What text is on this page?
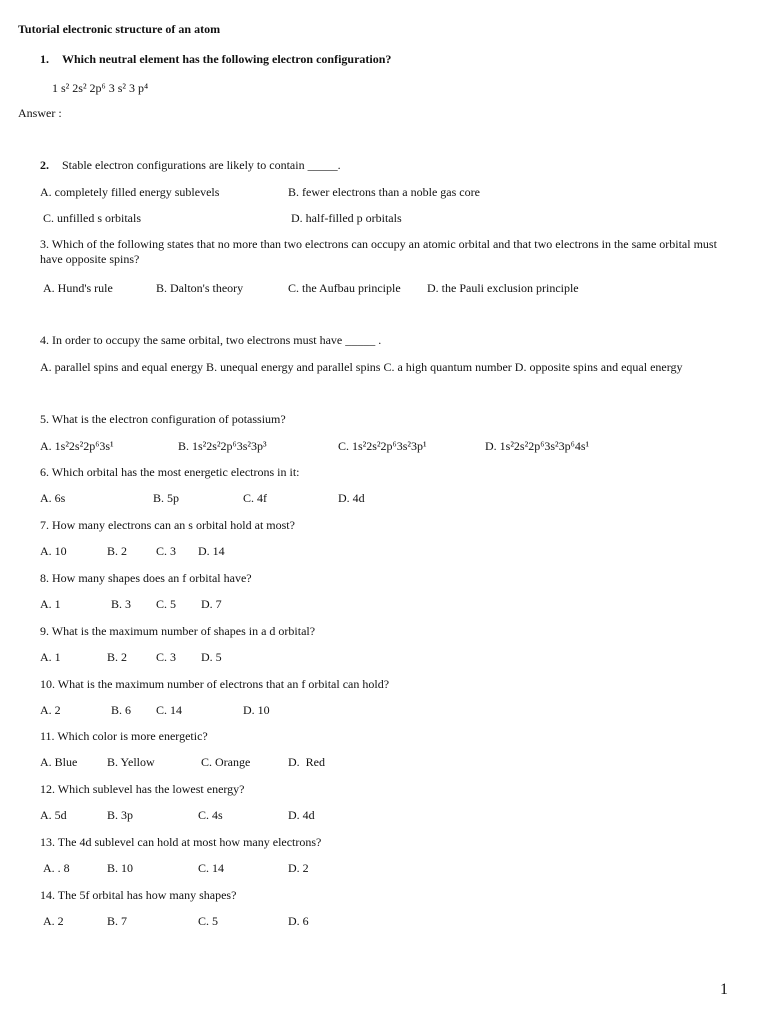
Tutorial electronic structure of an atom
1. Which neutral element has the following electron configuration?
1 s² 2s² 2p⁶ 3 s² 3 p⁴
Answer :
2. Stable electron configurations are likely to contain _____.
A. completely filled energy sublevels	B. fewer electrons than a noble gas core
C. unfilled s orbitals	D. half-filled p orbitals
3. Which of the following states that no more than two electrons can occupy an atomic orbital and that two electrons in the same orbital must have opposite spins?
A. Hund's rule	B. Dalton's theory	C. the Aufbau principle D. the Pauli exclusion principle
4. In order to occupy the same orbital, two electrons must have _____ .
A. parallel spins and equal energy B. unequal energy and parallel spins C. a high quantum number D. opposite spins and equal energy
5. What is the electron configuration of potassium?
A. 1s²2s²2p⁶3s¹	B. 1s²2s²2p⁶3s²3p³	C. 1s²2s²2p⁶3s²3p¹	D. 1s²2s²2p⁶3s²3p⁶4s¹
6. Which orbital has the most energetic electrons in it:
A. 6s	B. 5p	C. 4f	D. 4d
7. How many electrons can an s orbital hold at most?
A. 10	B. 2 C. 3 D. 14
8. How many shapes does an f orbital have?
A. 1	B. 3 C. 5 D. 7
9. What is the maximum number of shapes in a d orbital?
A. 1	B. 2 C. 3 D. 5
10. What is the maximum number of electrons that an f orbital can hold?
A. 2	B. 6 C. 14	D. 10
11. Which color is more energetic?
A. Blue B. Yellow	C. Orange	D.  Red
12. Which sublevel has the lowest energy?
A. 5d	B. 3p	C. 4s	D. 4d
13. The 4d sublevel can hold at most how many electrons?
A. . 8	B. 10	C. 14	D. 2
14. The 5f orbital has how many shapes?
A. 2	B. 7	C. 5	D. 6
1
